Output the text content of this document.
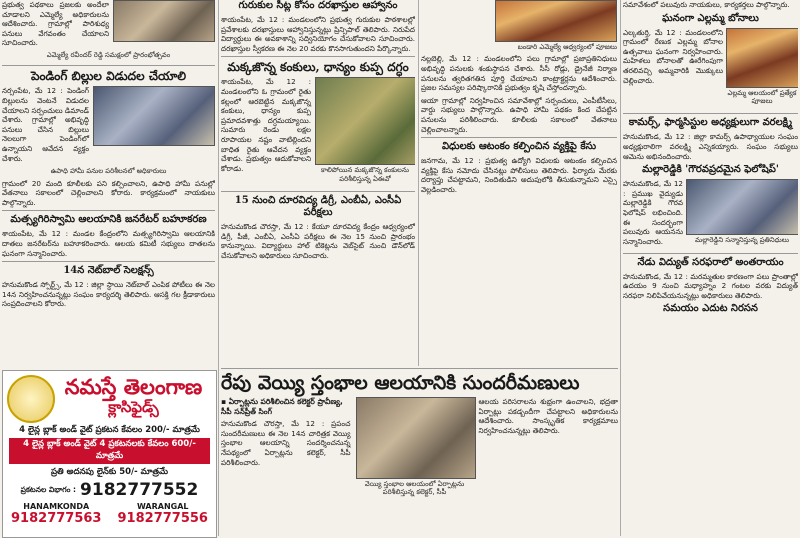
ప్రభుత్వ పథకాలు ప్రజలకు అందేలా చూడాలని ఎమ్మెల్యే అధికారులను ఆదేశించారు. గ్రామాల్లో పారిశుధ్య పనులు వేగవంతం చేయాలని సూచించారు.

ఎమ్మెల్యే రవీందర్ రెడ్డి సమక్షంలో ప్రారంభోత్సవం
పెండింగ్ బిల్లుల విడుదల చేయాలి

నర్సంపేట, మే 12 : పెండింగ్ బిల్లులను వెంటనే విడుదల చేయాలని సర్పంచులు డిమాండ్ చేశారు. గ్రామాల్లో అభివృద్ధి పనులు చేసిన బిల్లులు నెలలుగా పెండింగ్‌లో ఉన్నాయని ఆవేదన వ్యక్తం చేశారు.

ఉపాధి హామీ పనుల పరిశీలనలో అధికారులు

గ్రామంలో 20 మంది కూలీలకు పని కల్పించాలని, ఉపాధి హామీ పనుల్లో వేతనాలు సకాలంలో చెల్లించాలని కోరారు. కార్యక్రమంలో నాయకులు పాల్గొన్నారు.

మత్స్యగిరిస్వామి ఆలయానికి జనరేటర్ బహూకరణ

శాయంపేట, మే 12 : మండల కేంద్రంలోని మత్స్యగిరిస్వామి ఆలయానికి దాతలు జనరేటర్‌ను బహూకరించారు. ఆలయ కమిటీ సభ్యులు దాతలను ఘనంగా సన్మానించారు.

14న నెట్‌బాల్ సెలక్షన్స్

హనుమకొండ స్పోర్ట్స్, మే 12 : జిల్లా స్థాయి నెట్‌బాల్ ఎంపిక పోటీలు ఈ నెల 14న నిర్వహించనున్నట్లు సంఘం కార్యదర్శి తెలిపారు. ఆసక్తి గల క్రీడాకారులు సంప్రదించాలని కోరారు.

నమస్తే తెలంగాణ
క్లాసిఫైడ్స్
4 లైన్ల బ్లాక్ అండ్ వైట్ ప్రకటన కేవలం 200/- మాత్రమే
4 లైన్ల బ్లాక్ అండ్ వైట్ 4 ప్రకటనలకు కేవలం 600/- మాత్రమే
ప్రతి అదనపు లైన్‌కు 50/- మాత్రమే
ప్రకటనల విభాగం : 9182777552
HANAMKONDA
9182777563
WARANGAL
9182777556
గురుకుల సీట్ల కోసం దరఖాస్తుల ఆహ్వానం

శాయంపేట, మే 12 : మండలంలోని ప్రభుత్వ గురుకుల పాఠశాలల్లో ప్రవేశాలకు దరఖాస్తులు ఆహ్వానిస్తున్నట్లు ప్రిన్సిపాల్ తెలిపారు. నిరుపేద విద్యార్థులు ఈ అవకాశాన్ని సద్వినియోగం చేసుకోవాలని సూచించారు. దరఖాస్తుల స్వీకరణ ఈ నెల 20 వరకు కొనసాగుతుందని పేర్కొన్నారు.

మక్కజొన్న కంకులు, ధాన్యం కుప్ప దగ్ధం
కాలిపోయిన మక్కజొన్న కంకులను పరిశీలిస్తున్న ఏఈవో

శాయంపేట, మే 12 : మండలంలోని ఓ గ్రామంలో రైతు కల్లంలో ఆరబెట్టిన మక్కజొన్న కంకులు, ధాన్యం కుప్ప ప్రమాదవశాత్తు దగ్ధమయ్యాయి. సుమారు రెండు లక్షల రూపాయల నష్టం వాటిల్లిందని బాధిత రైతు ఆవేదన వ్యక్తం చేశాడు. ప్రభుత్వం ఆదుకోవాలని కోరాడు.

15 నుంచి దూరవిద్య డిగ్రీ, ఎంబీఏ, ఎంసీఏ పరీక్షలు

హనుమకొండ చౌరస్తా, మే 12 : కేయూ దూరవిద్య కేంద్రం ఆధ్వర్యంలో డిగ్రీ, పీజీ, ఎంబీఏ, ఎంసీఏ పరీక్షలు ఈ నెల 15 నుంచి ప్రారంభం కానున్నాయి. విద్యార్థులు హాల్ టికెట్లను వెబ్‌సైట్ నుంచి డౌన్‌లోడ్ చేసుకోవాలని అధికారులు సూచించారు.

బండారి ఎమ్మెల్యే ఆధ్వర్యంలో పూజలు

నల్లబెల్లి, మే 12 : మండలంలోని పలు గ్రామాల్లో ప్రజాప్రతినిధులు అభివృద్ధి పనులకు శంకుస్థాపన చేశారు. సీసీ రోడ్లు, డ్రైనేజీ నిర్మాణ పనులను త్వరితగతిన పూర్తి చేయాలని కాంట్రాక్టర్లను ఆదేశించారు. ప్రజల సమస్యల పరిష్కారానికి ప్రభుత్వం కృషి చేస్తోందన్నారు.

ఆయా గ్రామాల్లో నిర్వహించిన సమావేశాల్లో సర్పంచులు, ఎంపీటీసీలు, వార్డు సభ్యులు పాల్గొన్నారు. ఉపాధి హామీ పథకం కింద చేపట్టిన పనులను పరిశీలించారు. కూలీలకు సకాలంలో వేతనాలు చెల్లించాలన్నారు.

విధులకు ఆటంకం కల్పించిన వ్యక్తిపై కేసు

జనగామ, మే 12 : ప్రభుత్వ ఉద్యోగి విధులకు ఆటంకం కల్పించిన వ్యక్తిపై కేసు నమోదు చేసినట్లు పోలీసులు తెలిపారు. ఫిర్యాదు మేరకు దర్యాప్తు చేపట్టామని, నిందితుడిని అదుపులోకి తీసుకున్నామని ఎస్సై వెల్లడించారు.

సమావేశంలో పలువురు నాయకులు, కార్యకర్తలు పాల్గొన్నారు.

ఘనంగా ఎల్లమ్మ బోనాలు
ఎల్లమ్మ ఆలయంలో ప్రత్యేక పూజలు

ఎల్కతుర్తి, మే 12 : మండలంలోని గ్రామంలో రేణుక ఎల్లమ్మ బోనాల ఉత్సవాలు ఘనంగా నిర్వహించారు. మహిళలు బోనాలతో ఊరేగింపుగా తరలివచ్చి అమ్మవారికి మొక్కులు చెల్లించారు.

కామర్స్, ఫార్మసిస్టుల అధ్యక్షులుగా వరలక్ష్మి

హనుమకొండ, మే 12 : జిల్లా కామర్స్ ఉపాధ్యాయుల సంఘం అధ్యక్షురాలిగా వరలక్ష్మి ఎన్నికయ్యారు. సంఘం సభ్యులు ఆమెను అభినందించారు.

మల్లారెడ్డికి 'గౌరవప్రదమైన ఫెలోషిప్'
మల్లారెడ్డిని సన్మానిస్తున్న ప్రతినిధులు

హనుమకొండ, మే 12 : ప్రముఖ వైద్యుడు మల్లారెడ్డికి గౌరవ ఫెలోషిప్ లభించింది. ఈ సందర్భంగా పలువురు ఆయనను సన్మానించారు.

నేడు విద్యుత్ సరఫరాలో అంతరాయం

హనుమకొండ, మే 12 : మరమ్మతుల కారణంగా పలు ప్రాంతాల్లో ఉదయం 9 నుంచి మధ్యాహ్నం 2 గంటల వరకు విద్యుత్ సరఫరా నిలిపివేయనున్నట్లు అధికారులు తెలిపారు.

సమయం ఎదుట నిరసన
రేపు వెయ్యి స్తంభాల ఆలయానికి సుందరీమణులు
▪ ఏర్పాట్లను పరిశీలించిన కలెక్టర్ ప్రావీణ్య,
సీపీ సన్‌ప్రీత్ సింగ్

హనుమకొండ చౌరస్తా, మే 12 : ప్రపంచ సుందరీమణులు ఈ నెల 14న చారిత్రక వెయ్యి స్తంభాల ఆలయాన్ని సందర్శించనున్న నేపథ్యంలో ఏర్పాట్లను కలెక్టర్, సీపీ పరిశీలించారు.

వెయ్యి స్తంభాల ఆలయంలో ఏర్పాట్లను పరిశీలిస్తున్న కలెక్టర్, సీపీ

ఆలయ పరిసరాలను శుభ్రంగా ఉంచాలని, భద్రతా ఏర్పాట్లు పకడ్బందీగా చేపట్టాలని అధికారులను ఆదేశించారు. సాంస్కృతిక కార్యక్రమాలు నిర్వహించనున్నట్లు తెలిపారు.
